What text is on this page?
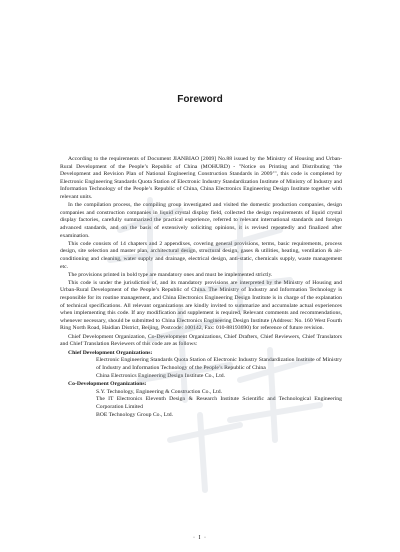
Foreword

According to the requirements of Document JIANBIAO [2009] No.88 issued by the Ministry of Housing and Urban-Rural Development of the People’s Republic of China (MOHURD) - "Notice on Printing and Distributing ‘the Development and Revision Plan of National Engineering Construction Standards in 2009’", this code is completed by Electronic Engineering Standards Quota Station of Electronic Industry Standardization Institute of Ministry of Industry and Information Technology of the People’s Republic of China, China Electronics Engineering Design Institute together with relevant units.

In the compilation process, the compiling group investigated and visited the domestic production companies, design companies and construction companies in liquid crystal display field, collected the design requirements of liquid crystal display factories, carefully summarized the practical experience, referred to relevant international standards and foreign advanced standards, and on the basis of extensively soliciting opinions, it is revised repeatedly and finalized after examination.

This code consists of 14 chapters and 2 appendixes, covering general provisions, terms, basic requirements, process design, site selection and master plan, architectural design, structural design, gases & utilities, heating, ventilation & air-conditioning and cleaning, water supply and drainage, electrical design, anti-static, chemicals supply, waste management etc.

The provisions printed in bold type are mandatory ones and must be implemented strictly.

This code is under the jurisdiction of, and its mandatory provisions are interpreted by the Ministry of Housing and Urban-Rural Development of the People’s Republic of China. The Ministry of Industry and Information Technology is responsible for its routine management, and China Electronics Engineering Design Institute is in charge of the explanation of technical specifications. All relevant organizations are kindly invited to summarize and accumulate actual experiences when implementing this code. If any modification and supplement is required, Relevant comments and recommendations, whenever necessary, should be submitted to China Electronics Engineering Design Institute (Address: No. 160 West Fourth Ring North Road, Haidian District, Beijing, Postcode: 100142, Fax: 010-88193690) for reference of future revision.

Chief Development Organization, Co-Development Organizations, Chief Drafters, Chief Reviewers, Chief Translators and Chief Translation Reviewers of this code are as follows:

Chief Development Organizations:
Electronic Engineering Standards Quota Station of Electronic Industry Standardization Institute of Ministry of Industry and Information Technology of the People’s Republic of China
China Electronics Engineering Design Institute Co., Ltd.
Co-Development Organizations:
S.Y. Technology, Engineering & Construction Co., Ltd.
The IT Electronics Eleventh Design & Research Institute Scientific and Technological Engineering Corporation Limited
BOE Technology Group Co., Ltd.
· I ·
